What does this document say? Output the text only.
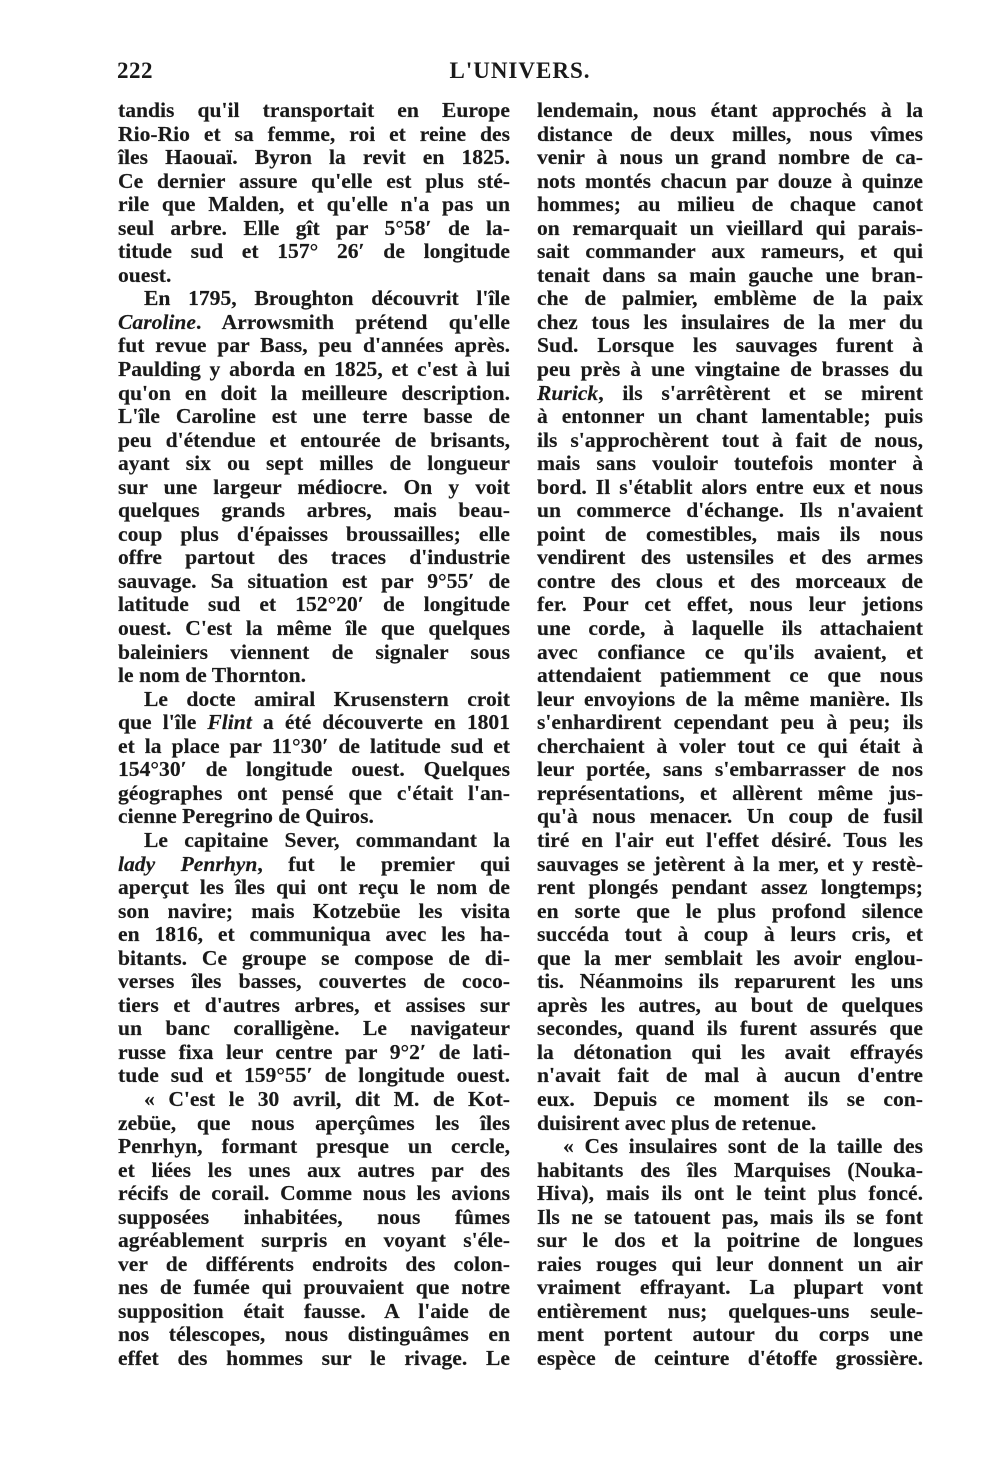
222	L'UNIVERS.
tandis qu'il transportait en Europe
Rio-Rio et sa femme, roi et reine des
îles Haouaï. Byron la revit en 1825.
Ce dernier assure qu'elle est plus sté-
rile que Malden, et qu'elle n'a pas un
seul arbre. Elle gît par 5°58′ de la-
titude sud et 157° 26′ de longitude
ouest.
En 1795, Broughton découvrit l'île
Caroline. Arrowsmith prétend qu'elle
fut revue par Bass, peu d'années après.
Paulding y aborda en 1825, et c'est à lui
qu'on en doit la meilleure description.
L'île Caroline est une terre basse de
peu d'étendue et entourée de brisants,
ayant six ou sept milles de longueur
sur une largeur médiocre. On y voit
quelques grands arbres, mais beau-
coup plus d'épaisses broussailles; elle
offre partout des traces d'industrie
sauvage. Sa situation est par 9°55′ de
latitude sud et 152°20′ de longitude
ouest. C'est la même île que quelques
baleiniers viennent de signaler sous
le nom de Thornton.
Le docte amiral Krusenstern croit
que l'île Flint a été découverte en 1801
et la place par 11°30′ de latitude sud et
154°30′ de longitude ouest. Quelques
géographes ont pensé que c'était l'an-
cienne Peregrino de Quiros.
Le capitaine Sever, commandant la
lady Penrhyn, fut le premier qui
aperçut les îles qui ont reçu le nom de
son navire; mais Kotzebüe les visita
en 1816, et communiqua avec les ha-
bitants. Ce groupe se compose de di-
verses îles basses, couvertes de coco-
tiers et d'autres arbres, et assises sur
un banc coralligène. Le navigateur
russe fixa leur centre par 9°2′ de lati-
tude sud et 159°55′ de longitude ouest.
« C'est le 30 avril, dit M. de Kot-
zebüe, que nous aperçûmes les îles
Penrhyn, formant presque un cercle,
et liées les unes aux autres par des
récifs de corail. Comme nous les avions
supposées inhabitées, nous fûmes
agréablement surpris en voyant s'éle-
ver de différents endroits des colon-
nes de fumée qui prouvaient que notre
supposition était fausse. A l'aide de
nos télescopes, nous distinguâmes en
effet des hommes sur le rivage. Le
lendemain, nous étant approchés à la
distance de deux milles, nous vîmes
venir à nous un grand nombre de ca-
nots montés chacun par douze à quinze
hommes; au milieu de chaque canot
on remarquait un vieillard qui parais-
sait commander aux rameurs, et qui
tenait dans sa main gauche une bran-
che de palmier, emblème de la paix
chez tous les insulaires de la mer du
Sud. Lorsque les sauvages furent à
peu près à une vingtaine de brasses du
Rurick, ils s'arrêtèrent et se mirent
à entonner un chant lamentable; puis
ils s'approchèrent tout à fait de nous,
mais sans vouloir toutefois monter à
bord. Il s'établit alors entre eux et nous
un commerce d'échange. Ils n'avaient
point de comestibles, mais ils nous
vendirent des ustensiles et des armes
contre des clous et des morceaux de
fer. Pour cet effet, nous leur jetions
une corde, à laquelle ils attachaient
avec confiance ce qu'ils avaient, et
attendaient patiemment ce que nous
leur envoyions de la même manière. Ils
s'enhardirent cependant peu à peu; ils
cherchaient à voler tout ce qui était à
leur portée, sans s'embarrasser de nos
représentations, et allèrent même jus-
qu'à nous menacer. Un coup de fusil
tiré en l'air eut l'effet désiré. Tous les
sauvages se jetèrent à la mer, et y restè-
rent plongés pendant assez longtemps;
en sorte que le plus profond silence
succéda tout à coup à leurs cris, et
que la mer semblait les avoir englou-
tis. Néanmoins ils reparurent les uns
après les autres, au bout de quelques
secondes, quand ils furent assurés que
la détonation qui les avait effrayés
n'avait fait de mal à aucun d'entre
eux. Depuis ce moment ils se con-
duisirent avec plus de retenue.
« Ces insulaires sont de la taille des
habitants des îles Marquises (Nouka-
Hiva), mais ils ont le teint plus foncé.
Ils ne se tatouent pas, mais ils se font
sur le dos et la poitrine de longues
raies rouges qui leur donnent un air
vraiment effrayant. La plupart vont
entièrement nus; quelques-uns seule-
ment portent autour du corps une
espèce de ceinture d'étoffe grossière.
